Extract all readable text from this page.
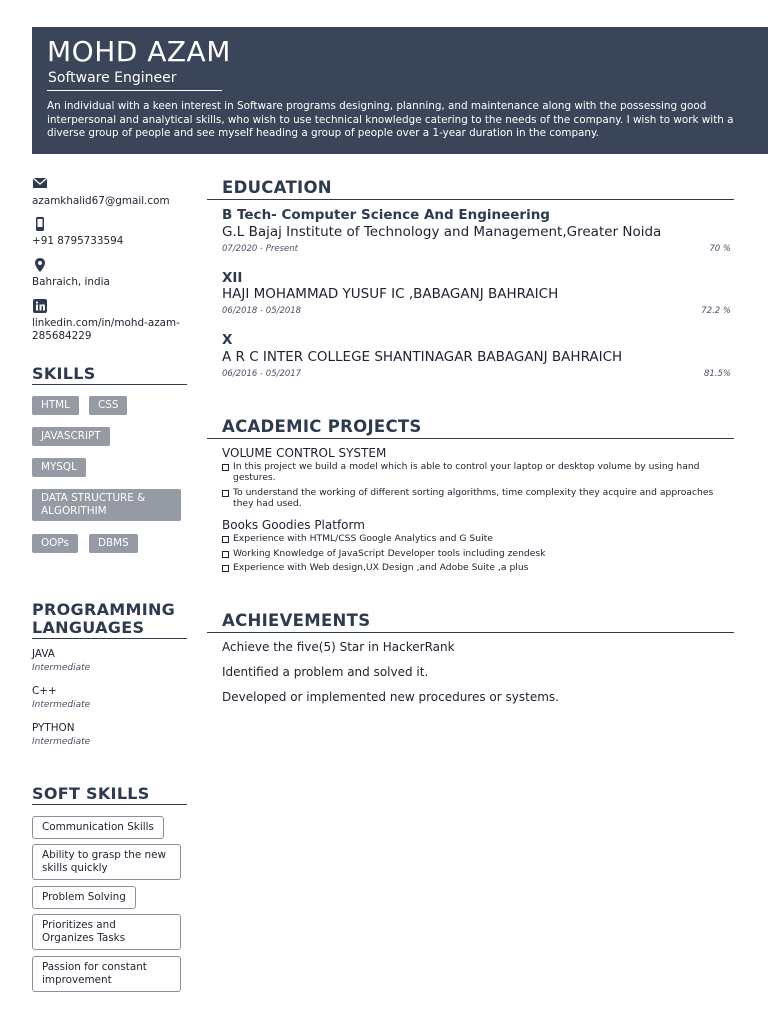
MOHD AZAM
Software Engineer
An individual with a keen interest in Software programs designing, planning, and maintenance along with the possessing good interpersonal and analytical skills, who wish to use technical knowledge catering to the needs of the company. I wish to work with a diverse group of people and see myself heading a group of people over a 1-year duration in the company.
azamkhalid67@gmail.com
+91 8795733594
Bahraich, india
linkedin.com/in/mohd-azam-285684229
SKILLS
HTML	CSS
JAVASCRIPT
MYSQL
DATA STRUCTURE & ALGORITHIM
OOPs	DBMS
PROGRAMMING LANGUAGES
JAVA
Intermediate
C++
Intermediate
PYTHON
Intermediate
SOFT SKILLS
Communication Skills
Ability to grasp the new skills quickly
Problem Solving
Prioritizes and Organizes Tasks
Passion for constant improvement
EDUCATION
B Tech- Computer Science And Engineering
G.L Bajaj Institute of Technology and Management,Greater Noida
07/2020 - Present	70 %
XII
HAJI MOHAMMAD YUSUF IC ,BABAGANJ BAHRAICH
06/2018 - 05/2018	72.2 %
X
A R C INTER COLLEGE SHANTINAGAR BABAGANJ BAHRAICH
06/2016 - 05/2017	81.5%
ACADEMIC PROJECTS
VOLUME CONTROL SYSTEM
In this project we build a model which is able to control your laptop or desktop volume by using hand gestures.
To understand the working of different sorting algorithms, time complexity they acquire and approaches they had used.
Books Goodies Platform
Experience with HTML/CSS Google Analytics and G Suite
Working Knowledge of JavaScript Developer tools including zendesk
Experience with Web design,UX Design ,and Adobe Suite ,a plus
ACHIEVEMENTS
Achieve the five(5) Star in HackerRank
Identified a problem and solved it.
Developed or implemented new procedures or systems.
